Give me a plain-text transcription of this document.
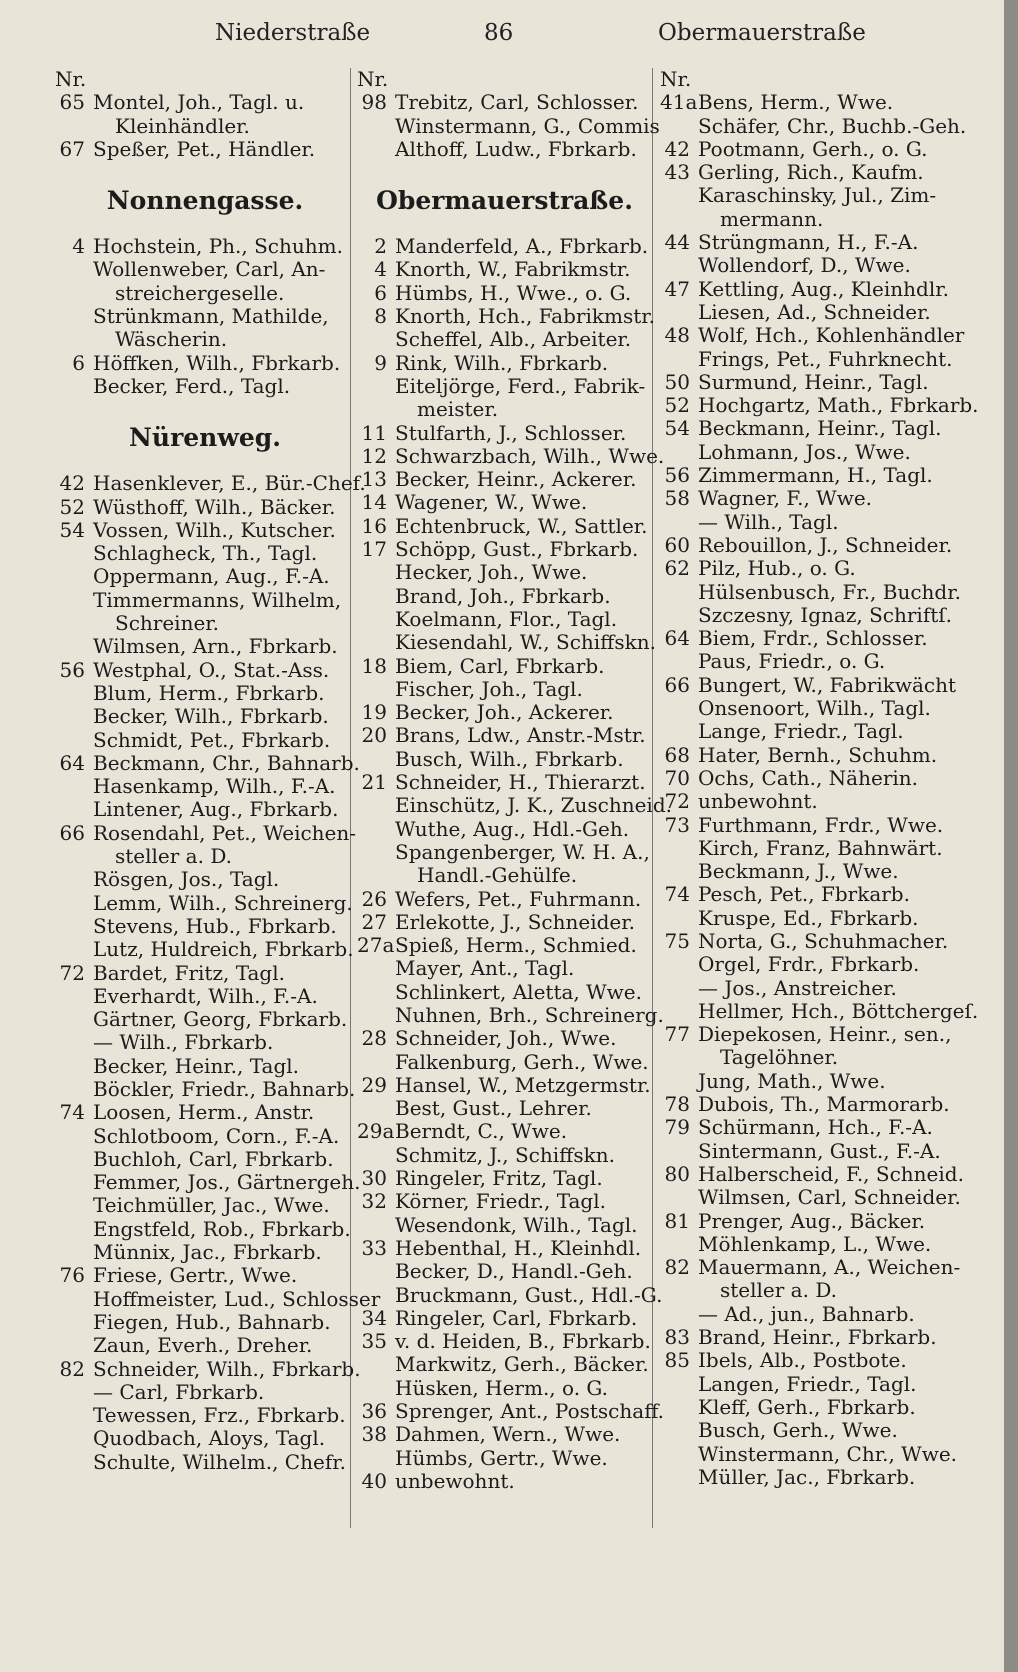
Niederstraße	86	Obermauerstraße
Nr.
65 Montel, Joh., Tagl. u.
Kleinhändler.
67 Speßer, Pet., Händler.
Nonnengasse.
4 Hochstein, Ph., Schuhm.
Wollenweber, Carl, An-
streichergeselle.
Strünkmann, Mathilde,
Wäscherin.
6 Höffken, Wilh., Fbrkarb.
Becker, Ferd., Tagl.
Nürenweg.
42 Hasenklever, E., Bür.-Chef.
52 Wüsthoff, Wilh., Bäcker.
54 Vossen, Wilh., Kutscher.
Schlagheck, Th., Tagl.
Oppermann, Aug., F.-A.
Timmermanns, Wilhelm,
Schreiner.
Wilmsen, Arn., Fbrkarb.
56 Westphal, O., Stat.-Ass.
Blum, Herm., Fbrkarb.
Becker, Wilh., Fbrkarb.
Schmidt, Pet., Fbrkarb.
64 Beckmann, Chr., Bahnarb.
Hasenkamp, Wilh., F.-A.
Lintener, Aug., Fbrkarb.
66 Rosendahl, Pet., Weichen-
steller a. D.
Rösgen, Jos., Tagl.
Lemm, Wilh., Schreinerg.
Stevens, Hub., Fbrkarb.
Lutz, Huldreich, Fbrkarb.
72 Bardet, Fritz, Tagl.
Everhardt, Wilh., F.-A.
Gärtner, Georg, Fbrkarb.
— Wilh., Fbrkarb.
Becker, Heinr., Tagl.
Böckler, Friedr., Bahnarb.
74 Loosen, Herm., Anstr.
Schlotboom, Corn., F.-A.
Buchloh, Carl, Fbrkarb.
Femmer, Jos., Gärtnergeh.
Teichmüller, Jac., Wwe.
Engstfeld, Rob., Fbrkarb.
Münnix, Jac., Fbrkarb.
76 Friese, Gertr., Wwe.
Hoffmeister, Lud., Schlosser
Fiegen, Hub., Bahnarb.
Zaun, Everh., Dreher.
82 Schneider, Wilh., Fbrkarb.
— Carl, Fbrkarb.
Tewessen, Frz., Fbrkarb.
Quodbach, Aloys, Tagl.
Schulte, Wilhelm., Chefr.
Nr.
98 Trebitz, Carl, Schlosser.
Winstermann, G., Commis
Althoff, Ludw., Fbrkarb.
Obermauerstraße.
2 Manderfeld, A., Fbrkarb.
4 Knorth, W., Fabrikmstr.
6 Hümbs, H., Wwe., o. G.
8 Knorth, Hch., Fabrikmstr.
Scheffel, Alb., Arbeiter.
9 Rink, Wilh., Fbrkarb.
Eiteljörge, Ferd., Fabrik-
meister.
11 Stulfarth, J., Schlosser.
12 Schwarzbach, Wilh., Wwe.
13 Becker, Heinr., Ackerer.
14 Wagener, W., Wwe.
16 Echtenbruck, W., Sattler.
17 Schöpp, Gust., Fbrkarb.
Hecker, Joh., Wwe.
Brand, Joh., Fbrkarb.
Koelmann, Flor., Tagl.
Kiesendahl, W., Schiffskn.
18 Biem, Carl, Fbrkarb.
Fischer, Joh., Tagl.
19 Becker, Joh., Ackerer.
20 Brans, Ldw., Anstr.-Mstr.
Busch, Wilh., Fbrkarb.
21 Schneider, H., Thierarzt.
Einschütz, J. K., Zuschneid.
Wuthe, Aug., Hdl.-Geh.
Spangenberger, W. H. A.,
Handl.-Gehülfe.
26 Wefers, Pet., Fuhrmann.
27 Erlekotte, J., Schneider.
27a Spieß, Herm., Schmied.
Mayer, Ant., Tagl.
Schlinkert, Aletta, Wwe.
Nuhnen, Brh., Schreinerg.
28 Schneider, Joh., Wwe.
Falkenburg, Gerh., Wwe.
29 Hansel, W., Metzgermstr.
Best, Gust., Lehrer.
29a Berndt, C., Wwe.
Schmitz, J., Schiffskn.
30 Ringeler, Fritz, Tagl.
32 Körner, Friedr., Tagl.
Wesendonk, Wilh., Tagl.
33 Hebenthal, H., Kleinhdl.
Becker, D., Handl.-Geh.
Bruckmann, Gust., Hdl.-G.
34 Ringeler, Carl, Fbrkarb.
35 v. d. Heiden, B., Fbrkarb.
Markwitz, Gerh., Bäcker.
Hüsken, Herm., o. G.
36 Sprenger, Ant., Postschaff.
38 Dahmen, Wern., Wwe.
Hümbs, Gertr., Wwe.
40 unbewohnt.
Nr.
41a Bens, Herm., Wwe.
Schäfer, Chr., Buchb.-Geh.
42 Pootmann, Gerh., o. G.
43 Gerling, Rich., Kaufm.
Karaschinsky, Jul., Zim-
mermann.
44 Strüngmann, H., F.-A.
Wollendorf, D., Wwe.
47 Kettling, Aug., Kleinhdlr.
Liesen, Ad., Schneider.
48 Wolf, Hch., Kohlenhändler
Frings, Pet., Fuhrknecht.
50 Surmund, Heinr., Tagl.
52 Hochgartz, Math., Fbrkarb.
54 Beckmann, Heinr., Tagl.
Lohmann, Jos., Wwe.
56 Zimmermann, H., Tagl.
58 Wagner, F., Wwe.
— Wilh., Tagl.
60 Rebouillon, J., Schneider.
62 Pilz, Hub., o. G.
Hülsenbusch, Fr., Buchdr.
Szczesny, Ignaz, Schriftſ.
64 Biem, Frdr., Schlosser.
Paus, Friedr., o. G.
66 Bungert, W., Fabrikwächt
Onsenoort, Wilh., Tagl.
Lange, Friedr., Tagl.
68 Hater, Bernh., Schuhm.
70 Ochs, Cath., Näherin.
72 unbewohnt.
73 Furthmann, Frdr., Wwe.
Kirch, Franz, Bahnwärt.
Beckmann, J., Wwe.
74 Pesch, Pet., Fbrkarb.
Kruspe, Ed., Fbrkarb.
75 Norta, G., Schuhmacher.
Orgel, Frdr., Fbrkarb.
— Jos., Anstreicher.
Hellmer, Hch., Böttchergeſ.
77 Diepekosen, Heinr., sen.,
Tagelöhner.
Jung, Math., Wwe.
78 Dubois, Th., Marmorarb.
79 Schürmann, Hch., F.-A.
Sintermann, Gust., F.-A.
80 Halberscheid, F., Schneid.
Wilmsen, Carl, Schneider.
81 Prenger, Aug., Bäcker.
Möhlenkamp, L., Wwe.
82 Mauermann, A., Weichen-
steller a. D.
— Ad., jun., Bahnarb.
83 Brand, Heinr., Fbrkarb.
85 Ibels, Alb., Postbote.
Langen, Friedr., Tagl.
Kleff, Gerh., Fbrkarb.
Busch, Gerh., Wwe.
Winstermann, Chr., Wwe.
Müller, Jac., Fbrkarb.
